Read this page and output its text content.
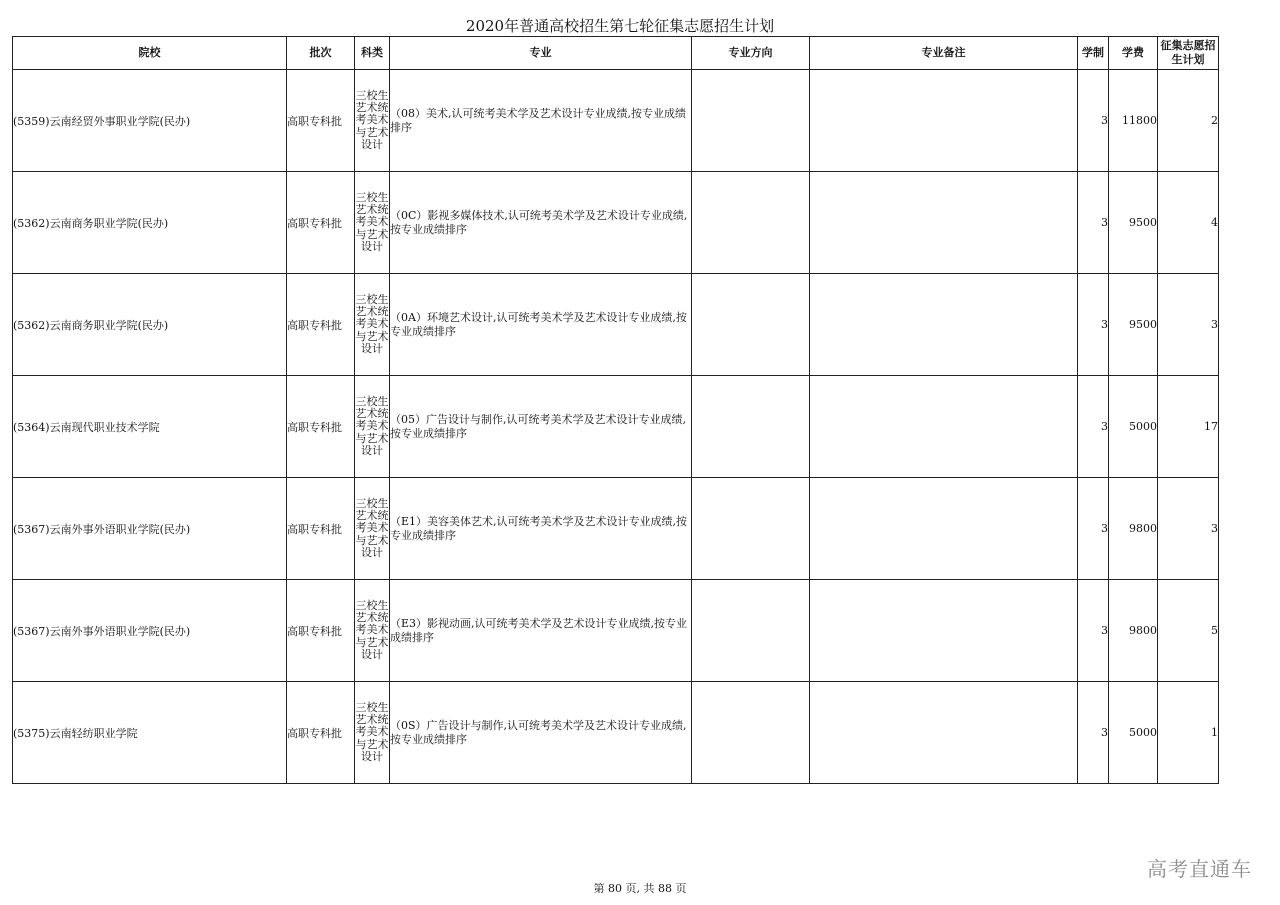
2020年普通高校招生第七轮征集志愿招生计划
院校	批次	科类	专业	专业方向	专业备注	学制	学费	征集志愿招生计划
(5359)云南经贸外事职业学院(民办)	高职专科批	三校生艺术统考美术与艺术设计	（08）美术,认可统考美术学及艺术设计专业成绩,按专业成绩排序			3	11800	2
(5362)云南商务职业学院(民办)	高职专科批	三校生艺术统考美术与艺术设计	（0C）影视多媒体技术,认可统考美术学及艺术设计专业成绩,按专业成绩排序			3	9500	4
(5362)云南商务职业学院(民办)	高职专科批	三校生艺术统考美术与艺术设计	（0A）环境艺术设计,认可统考美术学及艺术设计专业成绩,按专业成绩排序			3	9500	3
(5364)云南现代职业技术学院	高职专科批	三校生艺术统考美术与艺术设计	（05）广告设计与制作,认可统考美术学及艺术设计专业成绩,按专业成绩排序			3	5000	17
(5367)云南外事外语职业学院(民办)	高职专科批	三校生艺术统考美术与艺术设计	（E1）美容美体艺术,认可统考美术学及艺术设计专业成绩,按专业成绩排序			3	9800	3
(5367)云南外事外语职业学院(民办)	高职专科批	三校生艺术统考美术与艺术设计	（E3）影视动画,认可统考美术学及艺术设计专业成绩,按专业成绩排序			3	9800	5
(5375)云南轻纺职业学院	高职专科批	三校生艺术统考美术与艺术设计	（0S）广告设计与制作,认可统考美术学及艺术设计专业成绩,按专业成绩排序			3	5000	1
第 80 页, 共 88 页
高考直通车
